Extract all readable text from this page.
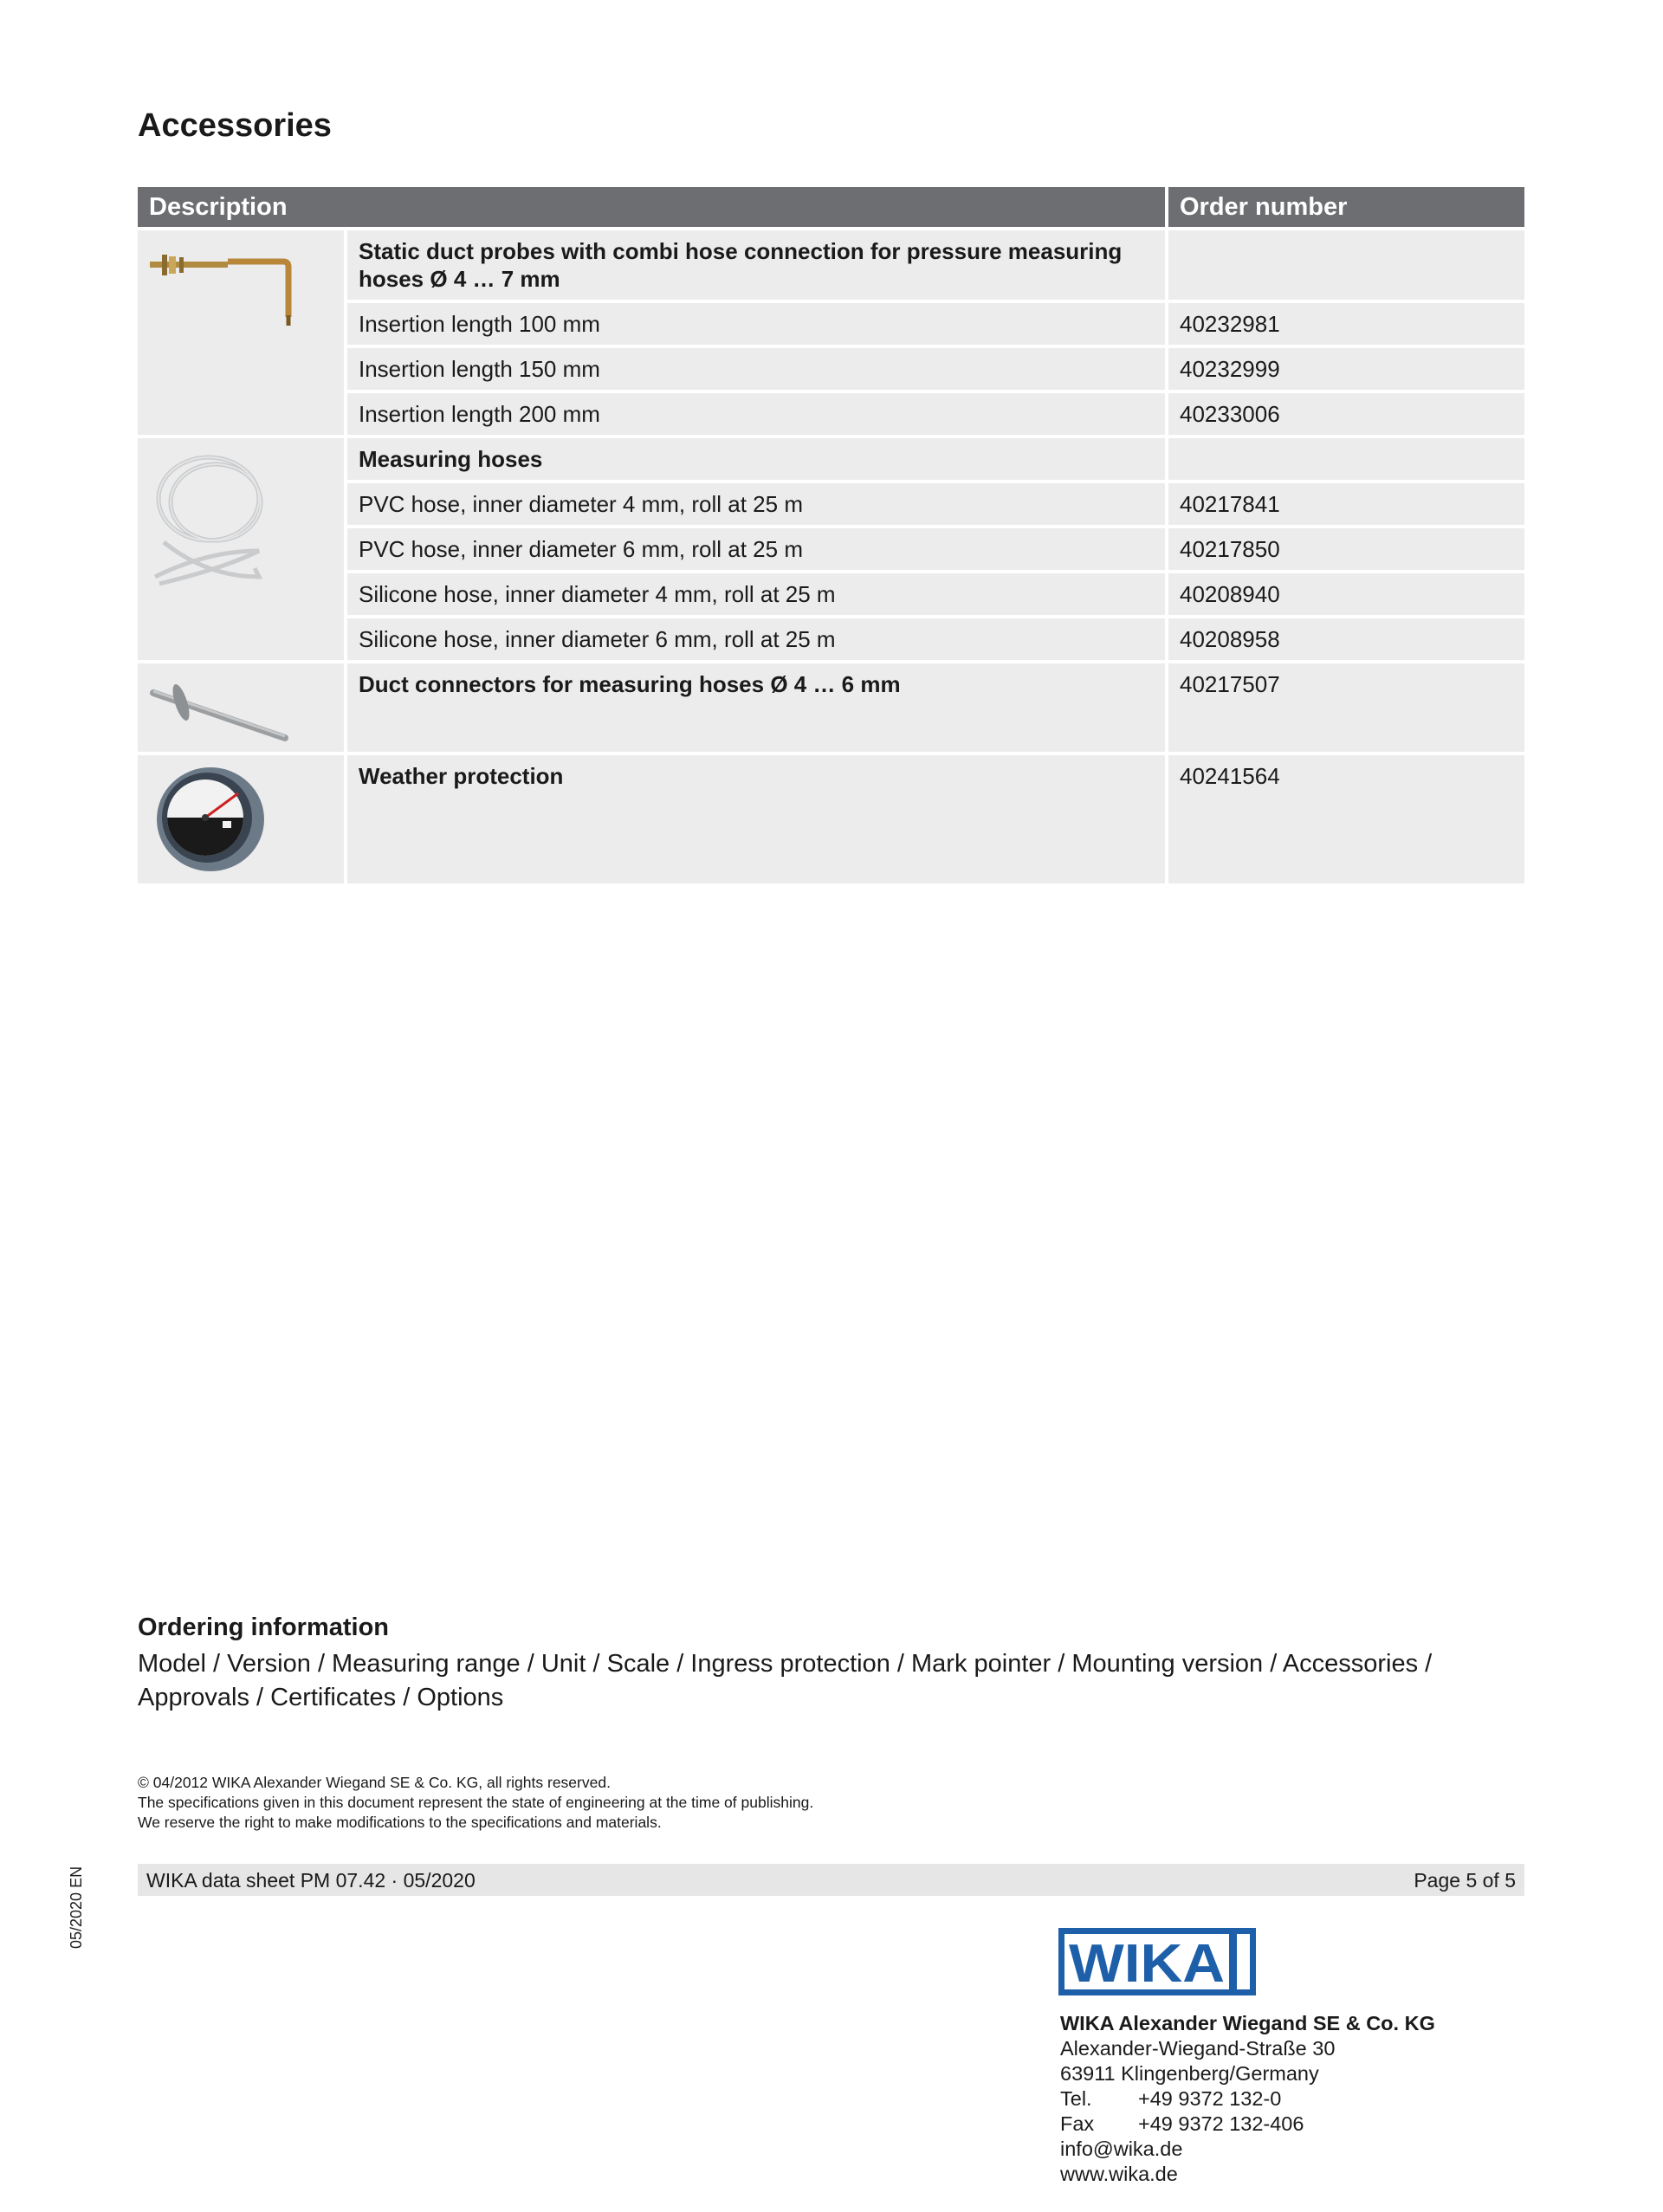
Accessories
Description		Order number

	Static duct probes with combi hose connection for pressure measuring hoses Ø 4 … 7 mm	
	Insertion length 100 mm	40232981
	Insertion length 150 mm	40232999
	Insertion length 200 mm	40233006

	Measuring hoses	
	PVC hose, inner diameter 4 mm, roll at 25 m	40217841
	PVC hose, inner diameter 6 mm, roll at 25 m	40217850
	Silicone hose, inner diameter 4 mm, roll at 25 m	40208940
	Silicone hose, inner diameter 6 mm, roll at 25 m	40208958

	Duct connectors for measuring hoses Ø 4 … 6 mm	40217507

	Weather protection	40241564

Ordering information

Model / Version / Measuring range / Unit / Scale / Ingress protection / Mark pointer / Mounting version / Accessories /
Approvals / Certificates / Options

© 04/2012 WIKA Alexander Wiegand SE & Co. KG, all rights reserved.
The specifications given in this document represent the state of engineering at the time of publishing.
We reserve the right to make modifications to the specifications and materials.
WIKA data sheet PM 07.42 · 05/2020	Page 5 of 5
05/2020 EN
WIKA
WIKA Alexander Wiegand SE & Co. KG
Alexander-Wiegand-Straße 30
63911 Klingenberg/Germany
Tel. +49 9372 132-0
Fax +49 9372 132-406
info@wika.de
www.wika.de
